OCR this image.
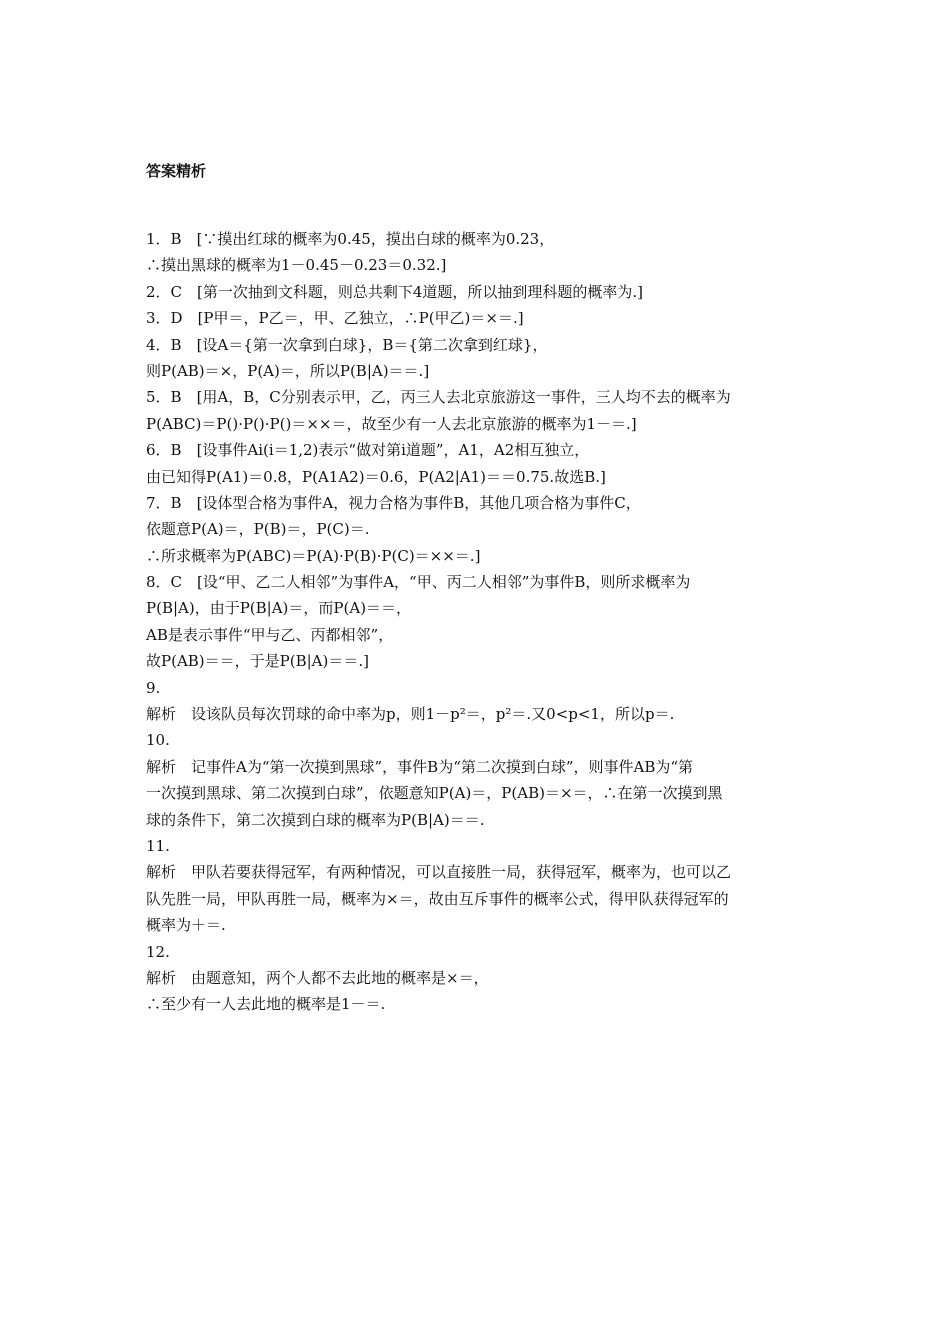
答案精析
1．B　[∵摸出红球的概率为0.45，摸出白球的概率为0.23，
∴摸出黑球的概率为1－0.45－0.23＝0.32.]
2．C　[第一次抽到文科题，则总共剩下4道题，所以抽到理科题的概率为.]
3．D　[P甲＝，P乙＝，甲、乙独立，∴P(甲乙)＝×＝.]
4．B　[设A＝{第一次拿到白球}，B＝{第二次拿到红球}，
则P(AB)＝×，P(A)＝，所以P(B|A)＝＝.]
5．B　[用A，B，C分别表示甲，乙，丙三人去北京旅游这一事件，三人均不去的概率为
P(ABC)＝P()·P()·P()＝××＝，故至少有一人去北京旅游的概率为1－＝.]
6．B　[设事件Ai(i＝1,2)表示“做对第i道题”，A1，A2相互独立，
由已知得P(A1)＝0.8，P(A1A2)＝0.6，P(A2|A1)＝＝0.75.故选B.]
7．B　[设体型合格为事件A，视力合格为事件B，其他几项合格为事件C，
依题意P(A)＝，P(B)＝，P(C)＝.
∴所求概率为P(ABC)＝P(A)·P(B)·P(C)＝××＝.]
8．C　[设“甲、乙二人相邻”为事件A，“甲、丙二人相邻”为事件B，则所求概率为
P(B|A)，由于P(B|A)＝，而P(A)＝＝，
AB是表示事件“甲与乙、丙都相邻”，
故P(AB)＝＝，于是P(B|A)＝＝.]
9.
解析　设该队员每次罚球的命中率为p，则1－p²＝，p²＝.又0<p<1，所以p＝.
10.
解析　记事件A为“第一次摸到黑球”，事件B为“第二次摸到白球”，则事件AB为“第
一次摸到黑球、第二次摸到白球”，依题意知P(A)＝，P(AB)＝×＝，∴在第一次摸到黑
球的条件下，第二次摸到白球的概率为P(B|A)＝＝.
11.
解析　甲队若要获得冠军，有两种情况，可以直接胜一局，获得冠军，概率为，也可以乙
队先胜一局，甲队再胜一局，概率为×＝，故由互斥事件的概率公式，得甲队获得冠军的
概率为＋＝.
12.
解析　由题意知，两个人都不去此地的概率是×＝，
∴至少有一人去此地的概率是1－＝.
